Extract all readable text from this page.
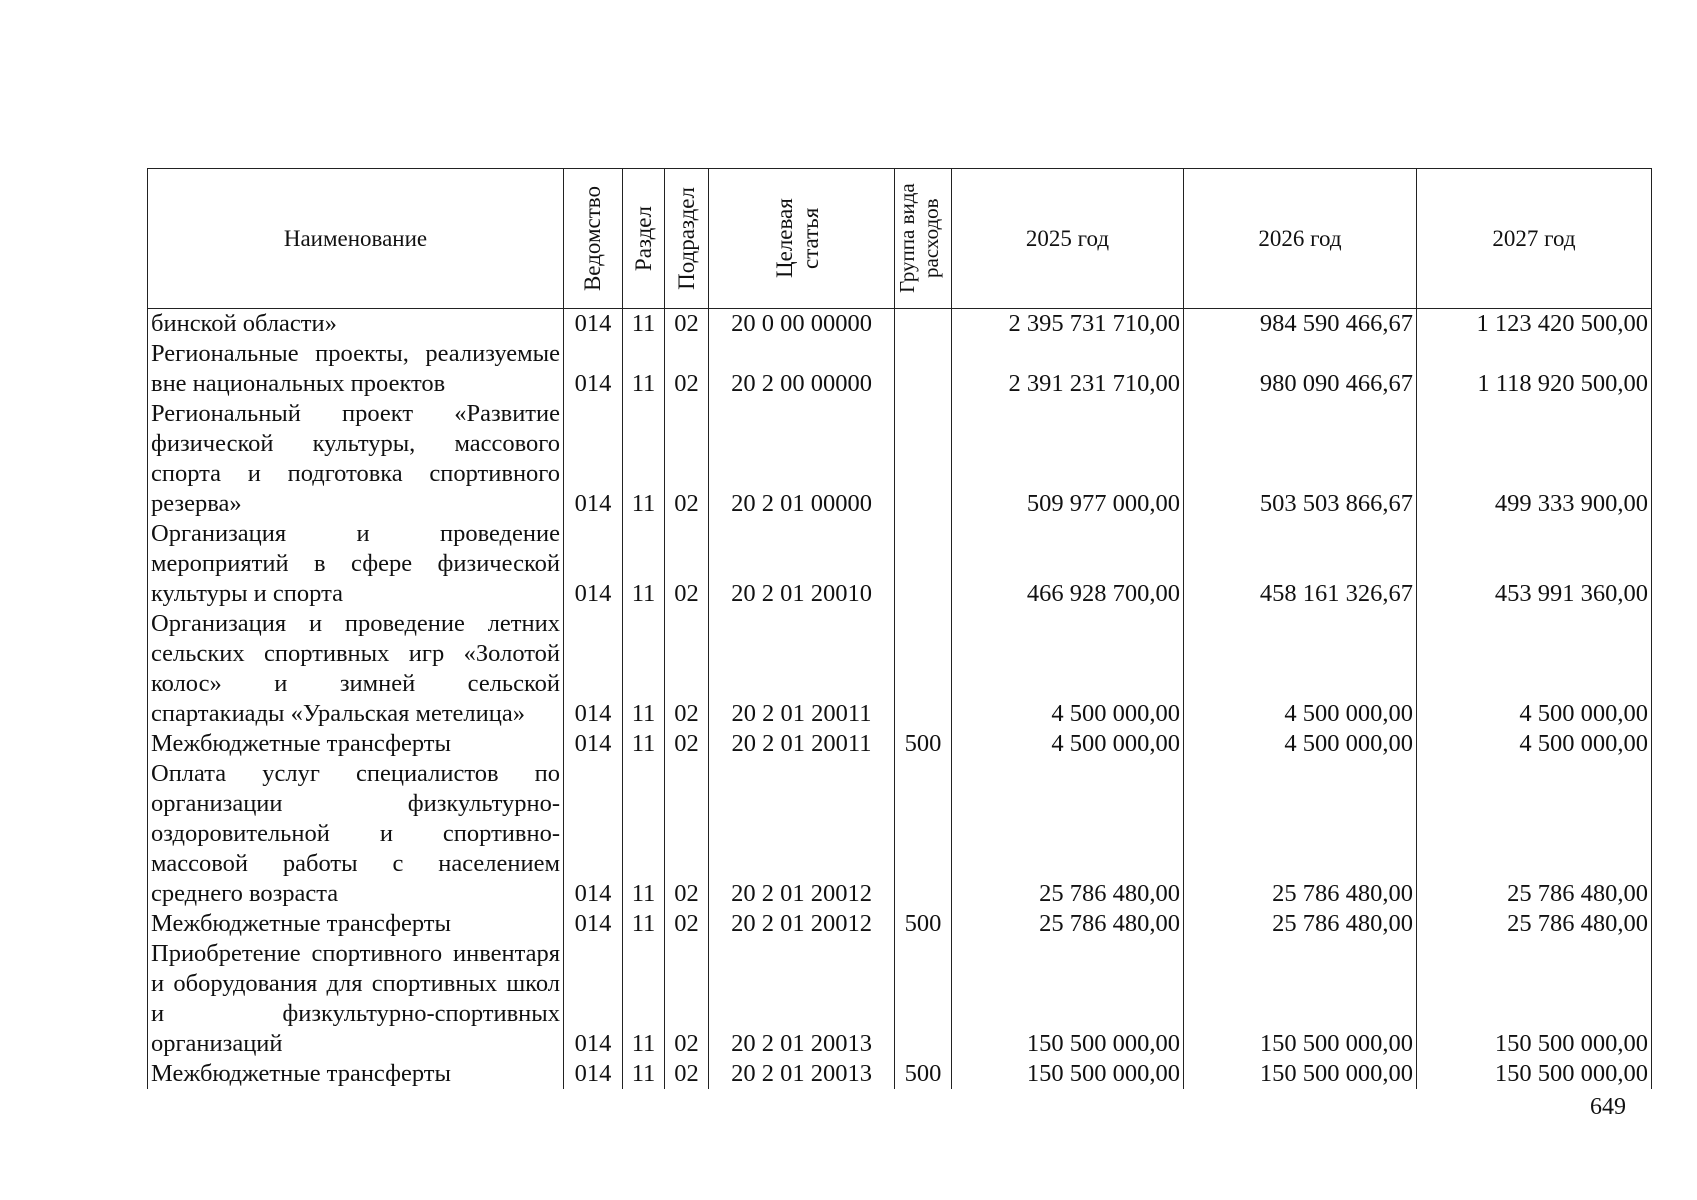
Наименование	Ведомство	Раздел	Подраздел	Целевая статья	Группа вида расходов	2025 год	2026 год	2027 год
бинской области»	014	11	02	20 0 00 00000		2 395 731 710,00	984 590 466,67	1 123 420 500,00
Региональные проекты, реализуемые вне национальных проектов	014	11	02	20 2 00 00000		2 391 231 710,00	980 090 466,67	1 118 920 500,00
Региональный проект «Развитие физической культуры, массового спорта и подготовка спортивного резерва»	014	11	02	20 2 01 00000		509 977 000,00	503 503 866,67	499 333 900,00
Организация и проведение мероприятий в сфере физической культуры и спорта	014	11	02	20 2 01 20010		466 928 700,00	458 161 326,67	453 991 360,00
Организация и проведение летних сельских спортивных игр «Золотой колос» и зимней сельской спартакиады «Уральская метелица»	014	11	02	20 2 01 20011		4 500 000,00	4 500 000,00	4 500 000,00
Межбюджетные трансферты	014	11	02	20 2 01 20011	500	4 500 000,00	4 500 000,00	4 500 000,00
Оплата услуг специалистов по организации физкультурно-оздоровительной и спортивно-массовой работы с населением среднего возраста	014	11	02	20 2 01 20012		25 786 480,00	25 786 480,00	25 786 480,00
Межбюджетные трансферты	014	11	02	20 2 01 20012	500	25 786 480,00	25 786 480,00	25 786 480,00
Приобретение спортивного инвентаря и оборудования для спортивных школ и физкультурно-спортивных организаций	014	11	02	20 2 01 20013		150 500 000,00	150 500 000,00	150 500 000,00
Межбюджетные трансферты	014	11	02	20 2 01 20013	500	150 500 000,00	150 500 000,00	150 500 000,00
649
